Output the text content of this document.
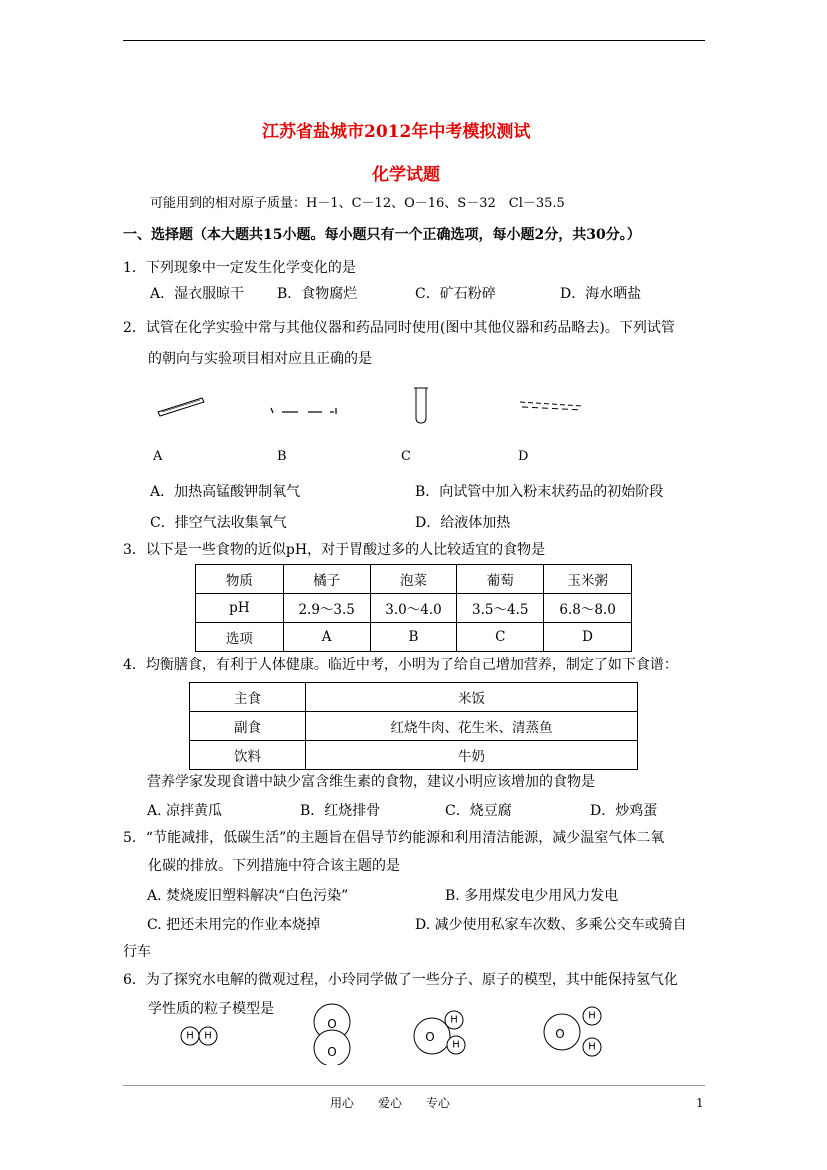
江苏省盐城市2012年中考模拟测试
化学试题
可能用到的相对原子质量：H－1、C－12、O－16、S－32　Cl－35.5
一、选择题（本大题共15小题。每小题只有一个正确选项，每小题2分，共30分。）
1．下列现象中一定发生化学变化的是
A．湿衣服晾干 B．食物腐烂	C．矿石粉碎	D．海水晒盐
2．试管在化学实验中常与其他仪器和药品同时使用(图中其他仪器和药品略去)。下列试管
的朝向与实验项目相对应且正确的是
A	B	C	D
A．加热高锰酸钾制氧气	B．向试管中加入粉末状药品的初始阶段
C．排空气法收集氧气	D．给液体加热
3．以下是一些食物的近似pH，对于胃酸过多的人比较适宜的食物是
物质	橘子	泡菜	葡萄	玉米粥
pH	2.9～3.5	3.0～4.0	3.5～4.5	6.8～8.0
选项	A	B	C	D
4．均衡膳食，有利于人体健康。临近中考，小明为了给自己增加营养，制定了如下食谱：
主食	米饭
副食	红烧牛肉、花生米、清蒸鱼
饮料	牛奶
营养学家发现食谱中缺少富含维生素的食物，建议小明应该增加的食物是
A. 凉拌黄瓜	B．红烧排骨	C．烧豆腐	D．炒鸡蛋
5．“节能减排，低碳生活”的主题旨在倡导节约能源和利用清洁能源，减少温室气体二氧
化碳的排放。下列措施中符合该主题的是
A. 焚烧废旧塑料解决“白色污染”	B. 多用煤发电少用风力发电
C. 把还未用完的作业本烧掉	D. 减少使用私家车次数、多乘公交车或骑自
行车
6．为了探究水电解的微观过程，小玲同学做了一些分子、原子的模型，其中能保持氢气化
学性质的粒子模型是
H H
O
O
O
H
H
O
H
H
用心　　爱心　　专心	1
